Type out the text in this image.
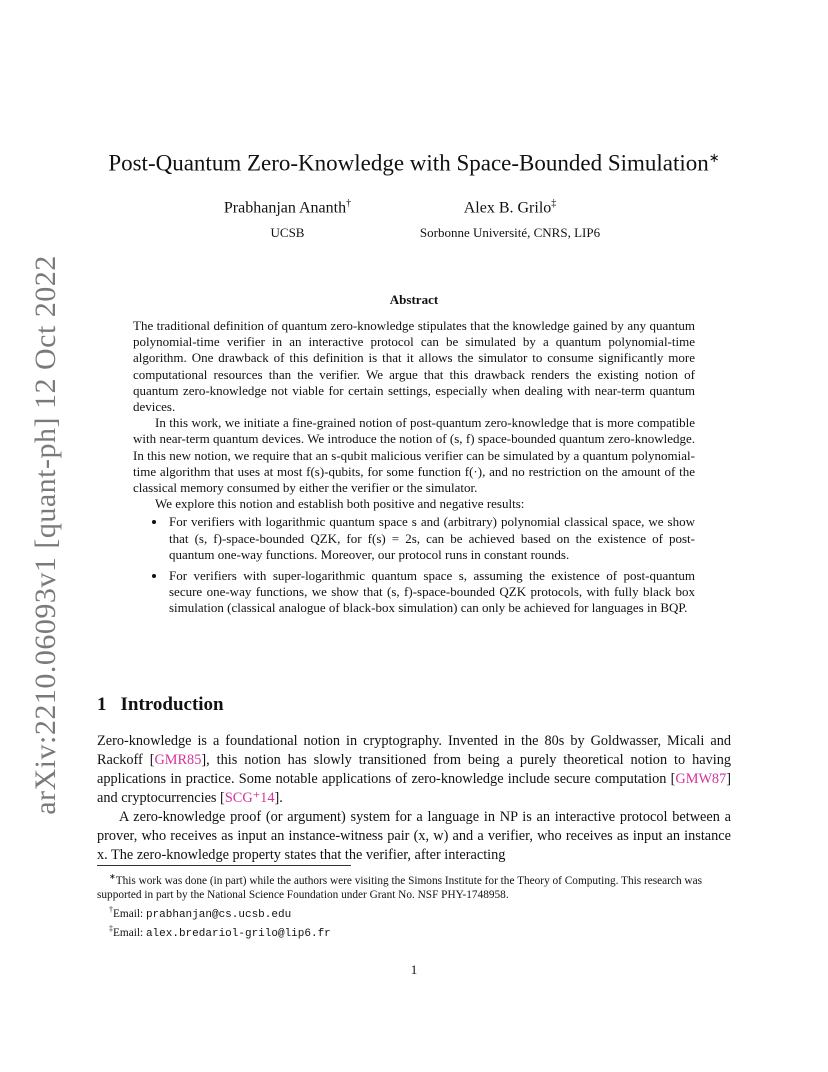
arXiv:2210.06093v1 [quant-ph] 12 Oct 2022
Post-Quantum Zero-Knowledge with Space-Bounded Simulation∗
Prabhanjan Ananth†
UCSB
Alex B. Grilo‡
Sorbonne Université, CNRS, LIP6
Abstract

The traditional definition of quantum zero-knowledge stipulates that the knowledge gained by any quantum polynomial-time verifier in an interactive protocol can be simulated by a quantum polynomial-time algorithm. One drawback of this definition is that it allows the simulator to consume significantly more computational resources than the verifier. We argue that this drawback renders the existing notion of quantum zero-knowledge not viable for certain settings, especially when dealing with near-term quantum devices.

In this work, we initiate a fine-grained notion of post-quantum zero-knowledge that is more compatible with near-term quantum devices. We introduce the notion of (s, f) space-bounded quantum zero-knowledge. In this new notion, we require that an s-qubit malicious verifier can be simulated by a quantum polynomial-time algorithm that uses at most f(s)-qubits, for some function f(·), and no restriction on the amount of the classical memory consumed by either the verifier or the simulator.

We explore this notion and establish both positive and negative results:

• For verifiers with logarithmic quantum space s and (arbitrary) polynomial classical space, we show that (s, f)-space-bounded QZK, for f(s) = 2s, can be achieved based on the existence of post-quantum one-way functions. Moreover, our protocol runs in constant rounds.
• For verifiers with super-logarithmic quantum space s, assuming the existence of post-quantum secure one-way functions, we show that (s, f)-space-bounded QZK protocols, with fully black box simulation (classical analogue of black-box simulation) can only be achieved for languages in BQP.
1 Introduction

Zero-knowledge is a foundational notion in cryptography. Invented in the 80s by Goldwasser, Micali and Rackoff [GMR85], this notion has slowly transitioned from being a purely theoretical notion to having applications in practice. Some notable applications of zero-knowledge include secure computation [GMW87] and cryptocurrencies [SCG⁺14].

A zero-knowledge proof (or argument) system for a language in NP is an interactive protocol between a prover, who receives as input an instance-witness pair (x, w) and a verifier, who receives as input an instance x. The zero-knowledge property states that the verifier, after interacting

∗This work was done (in part) while the authors were visiting the Simons Institute for the Theory of Computing. This research was supported in part by the National Science Foundation under Grant No. NSF PHY-1748958.

†Email: prabhanjan@cs.ucsb.edu

‡Email: alex.bredariol-grilo@lip6.fr

1
